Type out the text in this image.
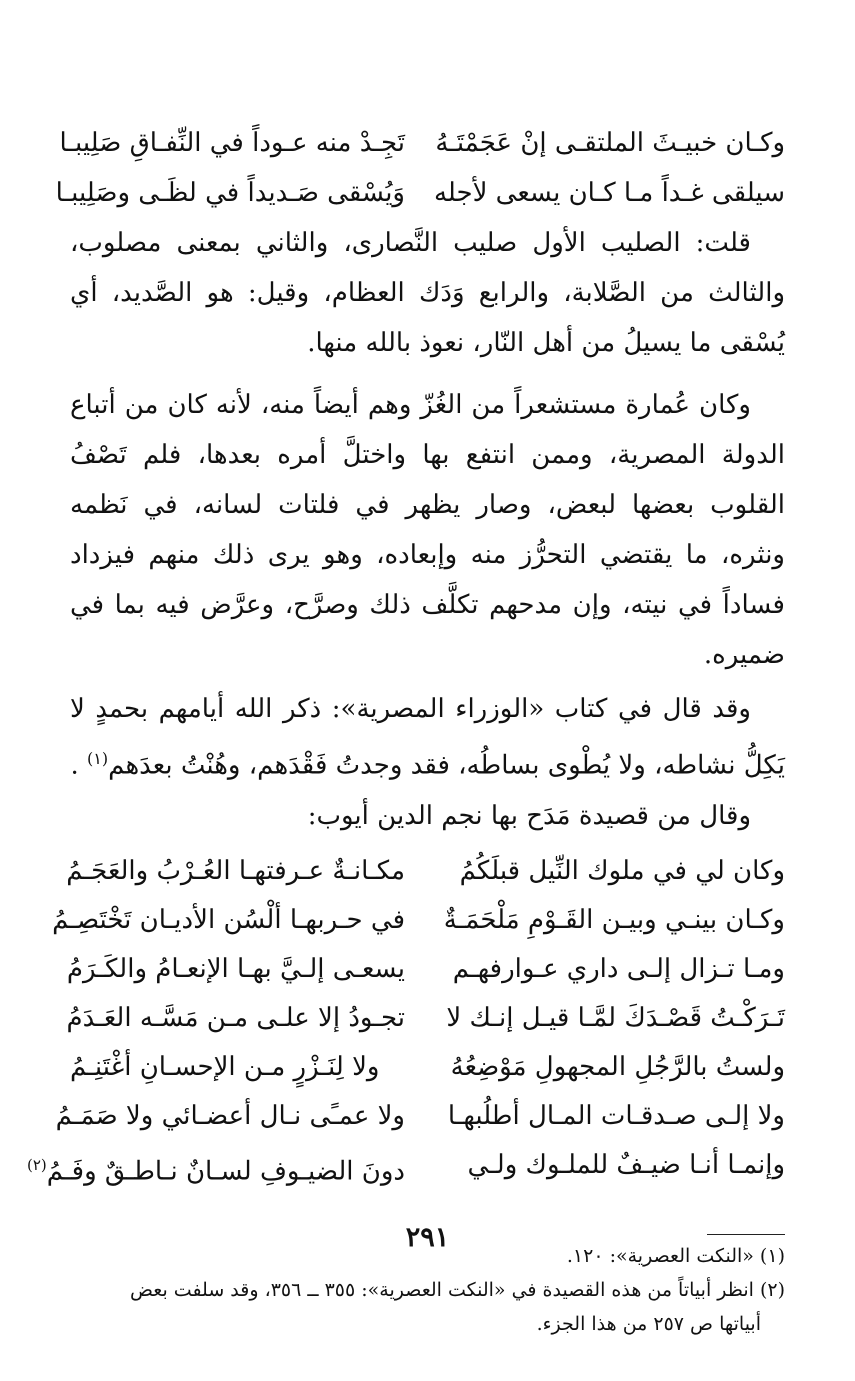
وكـان خبيـثَ الملتقـى إنْ عَجَمْتَـهُ
تَجِـدْ منه عـوداً في النِّفـاقِ صَلِيبـا
سيلقى غـداً مـا كـان يسعى لأجله
وَيُسْقى صَـديداً في لظَـى وصَلِيبـا

قلت: الصليب الأول صليب النَّصارى، والثاني بمعنى مصلوب، والثالث من الصَّلابة، والرابع وَدَك العظام، وقيل: هو الصَّديد، أي يُسْقى ما يسيلُ من أهل النّار، نعوذ بالله منها.

وكان عُمارة مستشعراً من الغُزّ وهم أيضاً منه، لأنه كان من أتباع الدولة المصرية، وممن انتفع بها واختلَّ أمره بعدها، فلم تَصْفُ القلوب بعضها لبعض، وصار يظهر في فلتات لسانه، في نَظمه ونثره، ما يقتضي التحرُّز منه وإبعاده، وهو يرى ذلك منهم فيزداد فساداً في نيته، وإن مدحهم تكلَّف ذلك وصرَّح، وعرَّض فيه بما في ضميره.

وقد قال في كتاب «الوزراء المصرية»: ذكر الله أيامهم بحمدٍ لا يَكِلُّ نشاطه، ولا يُطْوى بساطُه، فقد وجدتُ فَقْدَهم، وهُنْتُ بعدَهم$^{(١)}$ .

وقال من قصيدة مَدَح بها نجم الدين أيوب:

وكان لي في ملوك النِّيل قبلَكُمُ
مكـانـةٌ عـرفتهـا العُـرْبُ والعَجَـمُ
وكـان بينـي وبيـن القَـوْمِ مَلْحَمَـةٌ
في حـربهـا ألْسُن الأديـان تَخْتَصِـمُ
ومـا تـزال إلـى داري عـوارفهـم
يسعـى إلـيَّ بهـا الإنعـامُ والكَـرَمُ
تَـرَكْـتُ قَصْـدَكَ لمَّـا قيـل إنـك لا
تجـودُ إلا علـى مـن مَسَّـه العَـدَمُ
ولستُ بالرَّجُلِ المجهولِ مَوْضِعُهُ
ولا لِنَـزْرٍ مـن الإحسـانِ أغْتَنِـمُ
ولا إلـى صـدقـات المـال أطلُبهـا
ولا عمـًى نـال أعضـائي ولا صَمَـمُ
وإنمـا أنـا ضيـفٌ للملـوك ولـي
دونَ الضيـوفِ لسـانٌ نـاطـقٌ وفَـمُ$^{(٢)}$

(١) «النكت العصرية»: ١٢٠.

(٢) انظر أبياتاً من هذه القصيدة في «النكت العصرية»: ٣٥٥ ــ ٣٥٦، وقد سلفت بعض

أبياتها ص ٢٥٧ من هذا الجزء.

٢٩١
